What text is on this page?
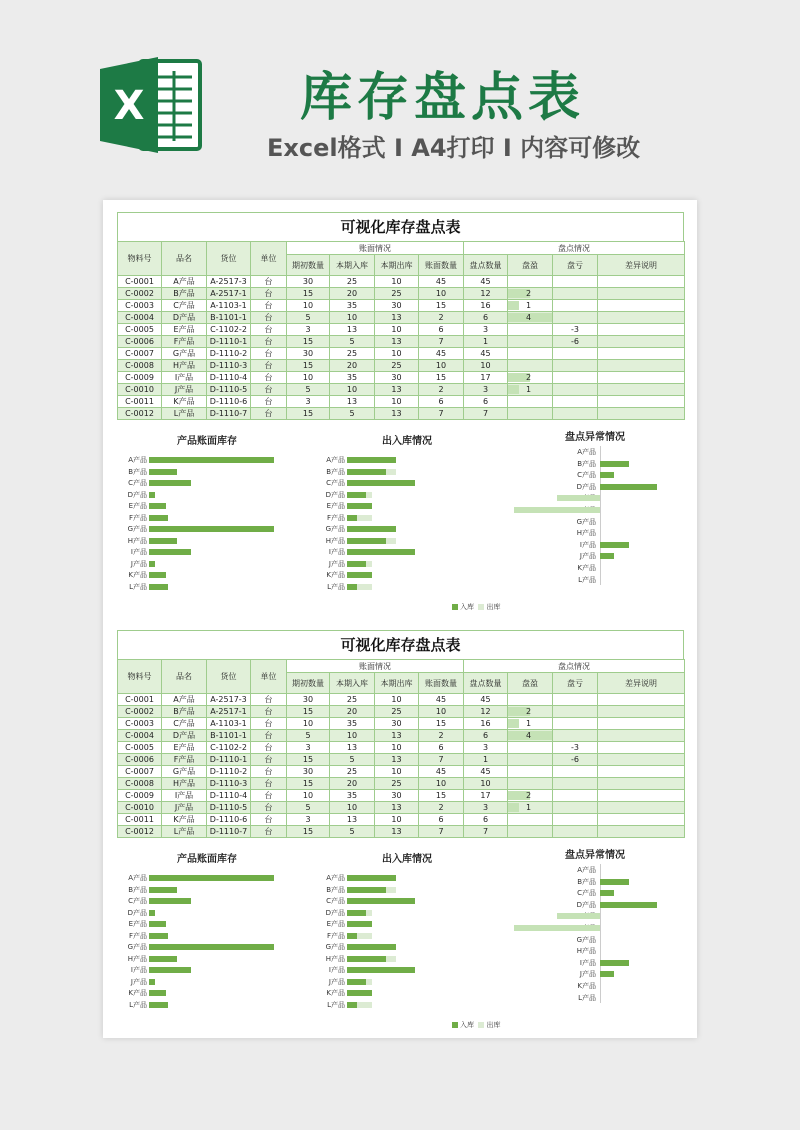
X	库存盘点表
Excel格式 I A4打印 I 内容可修改
可视化库存盘点表
物料号	品名	货位	单位	账面情况				盘点情况			
				期初数量	本期入库	本期出库	账面数量	盘点数量	盘盈	盘亏	差异说明
C-0001	A产品	A-2517-3	台	30	25	10	45	45			
C-0002	B产品	A-2517-1	台	15	20	25	10	12	2		
C-0003	C产品	A-1103-1	台	10	35	30	15	16	1		
C-0004	D产品	B-1101-1	台	5	10	13	2	6	4		
C-0005	E产品	C-1102-2	台	3	13	10	6	3		-3	
C-0006	F产品	D-1110-1	台	15	5	13	7	1		-6	
C-0007	G产品	D-1110-2	台	30	25	10	45	45			
C-0008	H产品	D-1110-3	台	15	20	25	10	10			
C-0009	I产品	D-1110-4	台	10	35	30	15	17	2		
C-0010	J产品	D-1110-5	台	5	10	13	2	3	1		
C-0011	K产品	D-1110-6	台	3	13	10	6	6			
C-0012	L产品	D-1110-7	台	15	5	13	7	7			
产品账面库存	出入库情况	盘点异常情况
A产品
B产品
C产品
D产品
E产品
F产品
G产品
H产品
I产品
J产品
K产品
L产品
A产品
B产品
C产品
D产品
E产品
F产品
G产品
H产品
I产品
J产品
K产品
L产品
入库 出库
A产品
B产品
C产品
D产品
G产品
H产品
I产品
J产品
K产品
L产品
可视化库存盘点表
物料号	品名	货位	单位	账面情况				盘点情况			
				期初数量	本期入库	本期出库	账面数量	盘点数量	盘盈	盘亏	差异说明
C-0001	A产品	A-2517-3	台	30	25	10	45	45			
C-0002	B产品	A-2517-1	台	15	20	25	10	12	2		
C-0003	C产品	A-1103-1	台	10	35	30	15	16	1		
C-0004	D产品	B-1101-1	台	5	10	13	2	6	4		
C-0005	E产品	C-1102-2	台	3	13	10	6	3		-3	
C-0006	F产品	D-1110-1	台	15	5	13	7	1		-6	
C-0007	G产品	D-1110-2	台	30	25	10	45	45			
C-0008	H产品	D-1110-3	台	15	20	25	10	10			
C-0009	I产品	D-1110-4	台	10	35	30	15	17	2		
C-0010	J产品	D-1110-5	台	5	10	13	2	3	1		
C-0011	K产品	D-1110-6	台	3	13	10	6	6			
C-0012	L产品	D-1110-7	台	15	5	13	7	7			
产品账面库存	出入库情况	盘点异常情况
A产品
B产品
C产品
D产品
E产品
F产品
G产品
H产品
I产品
J产品
K产品
L产品
A产品
B产品
C产品
D产品
E产品
F产品
G产品
H产品
I产品
J产品
K产品
L产品
入库 出库
A产品
B产品
C产品
D产品
G产品
H产品
I产品
J产品
K产品
L产品
